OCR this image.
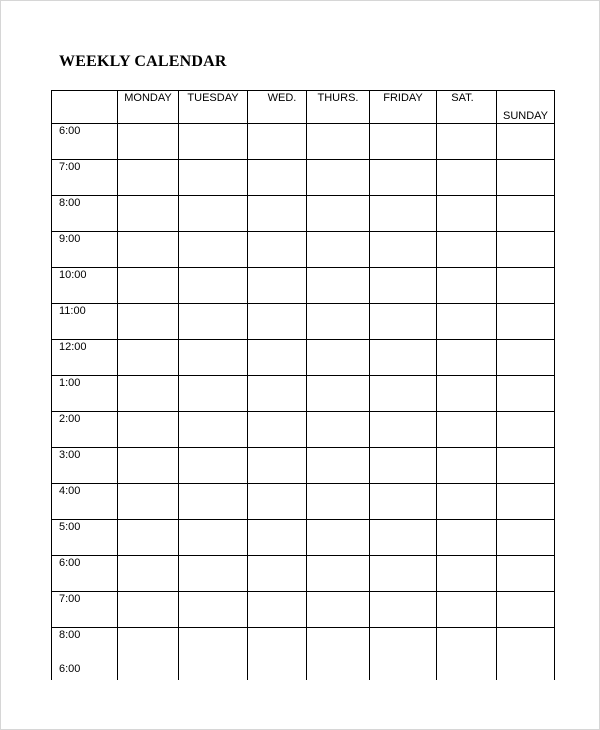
WEEKLY CALENDAR
	MONDAY	TUESDAY	WED.	THURS.	FRIDAY	SAT.	SUNDAY
6:00							
7:00							
8:00							
9:00							
10:00							
11:00							
12:00							
1:00							
2:00							
3:00							
4:00							
5:00							
6:00							
7:00							
8:00
6:00							
